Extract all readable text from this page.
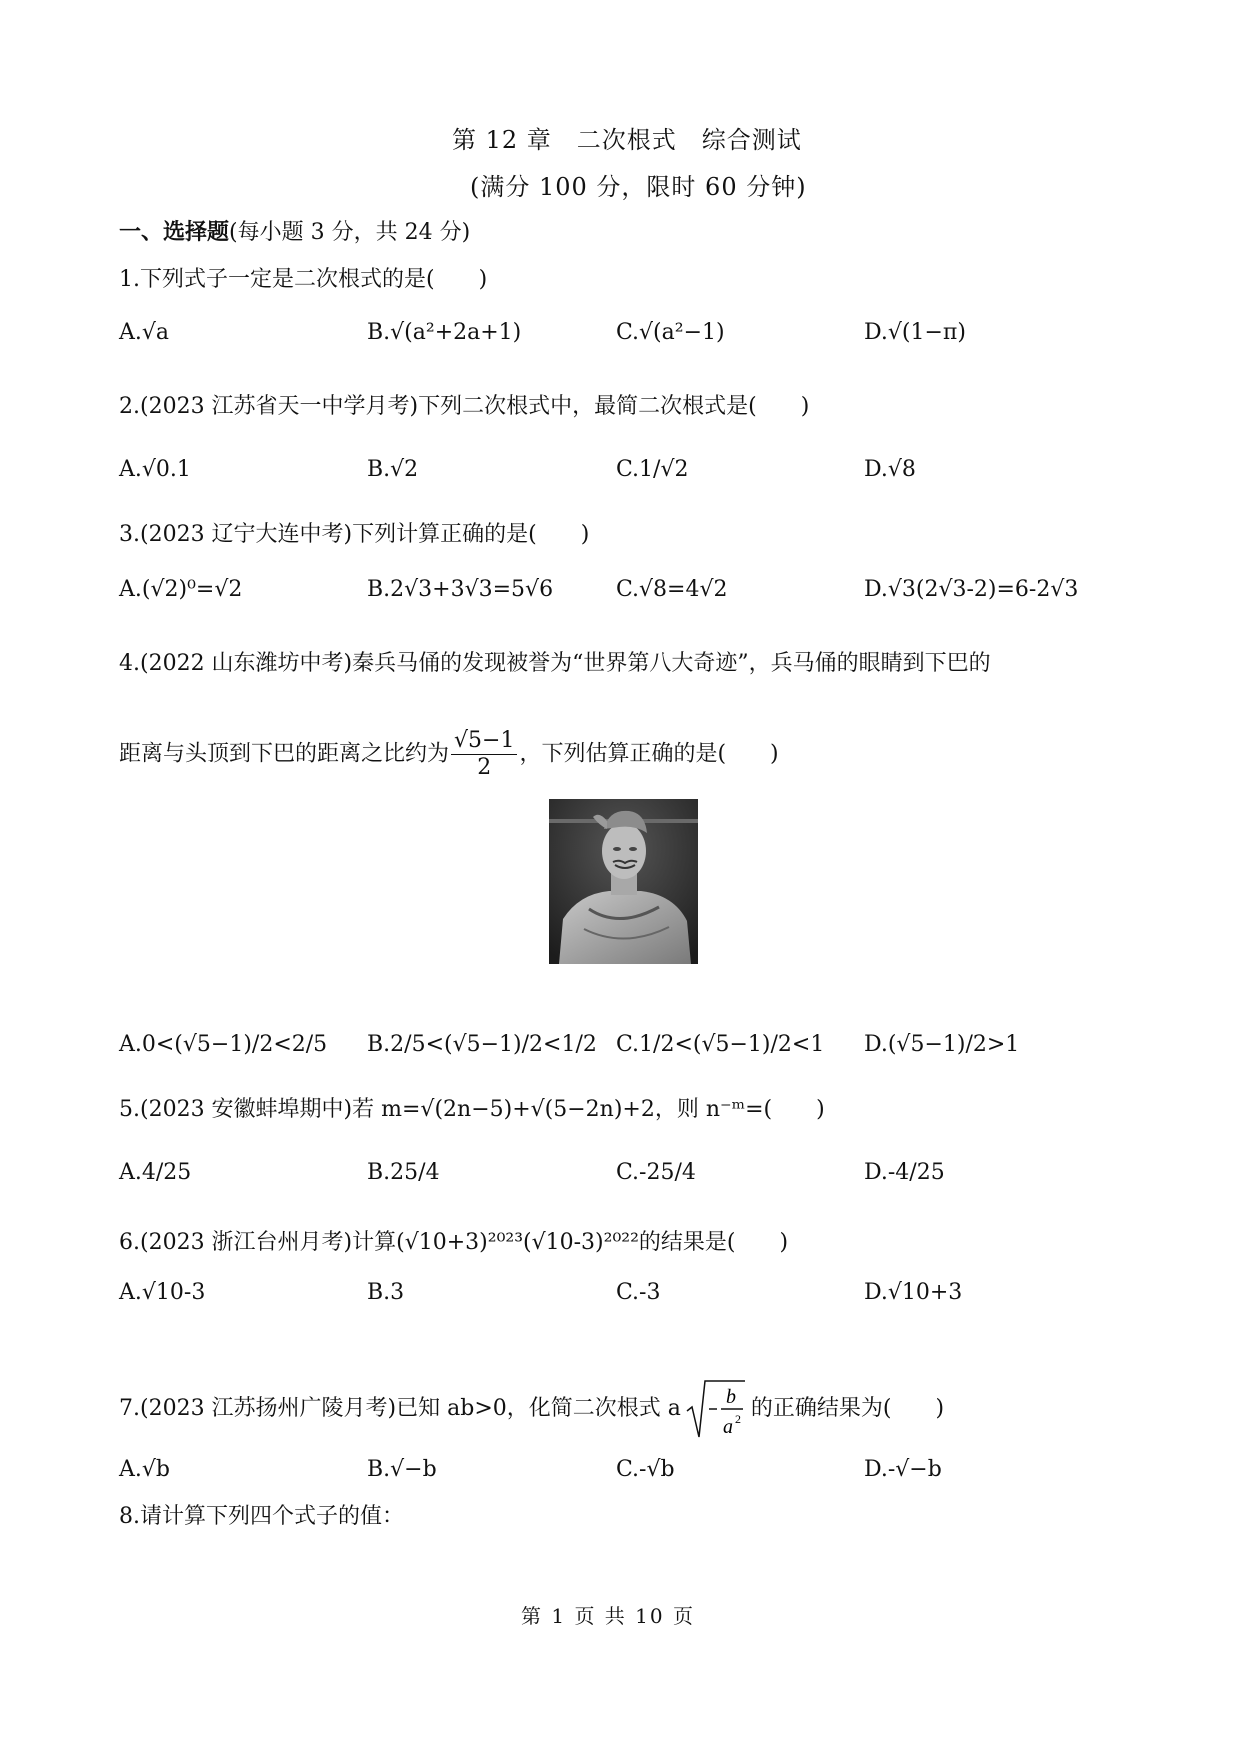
第 12 章　二次根式　综合测试
(满分 100 分，限时 60 分钟)
一、选择题(每小题 3 分，共 24 分)
1.下列式子一定是二次根式的是(　　)
A.√a	B.√(a²+2a+1)	C.√(a²−1)	D.√(1−π)
2.(2023 江苏省天一中学月考)下列二次根式中，最简二次根式是(　　)
A.√0.1	B.√2	C.1/√2	D.√8
3.(2023 辽宁大连中考)下列计算正确的是(　　)
A.(√2)⁰=√2	B.2√3+3√3=5√6	C.√8=4√2	D.√3(2√3-2)=6-2√3
4.(2022 山东潍坊中考)秦兵马俑的发现被誉为“世界第八大奇迹”，兵马俑的眼睛到下巴的
距离与头顶到下巴的距离之比约为 $\frac{√5-1}{2}$ ，下列估算正确的是(　　)
A.0<(√5−1)/2<2/5 B.2/5<(√5−1)/2<1/2 C.1/2<(√5−1)/2<1 D.(√5−1)/2>1
5.(2023 安徽蚌埠期中)若 m=√(2n−5)+√(5−2n)+2，则 n⁻ᵐ=(　　)
A.4/25	B.25/4	C.-25/4	D.-4/25
6.(2023 浙江台州月考)计算(√10+3)²⁰²³(√10-3)²⁰²²的结果是(　　)
A.√10-3	B.3	C.-3	D.√10+3
7.(2023 江苏扬州广陵月考)已知 ab>0，化简二次根式 a b
a 2 的正确结果为(　　)
A.√b	B.√−b	C.-√b	D.-√−b
8.请计算下列四个式子的值：
第 1 页 共 10 页
